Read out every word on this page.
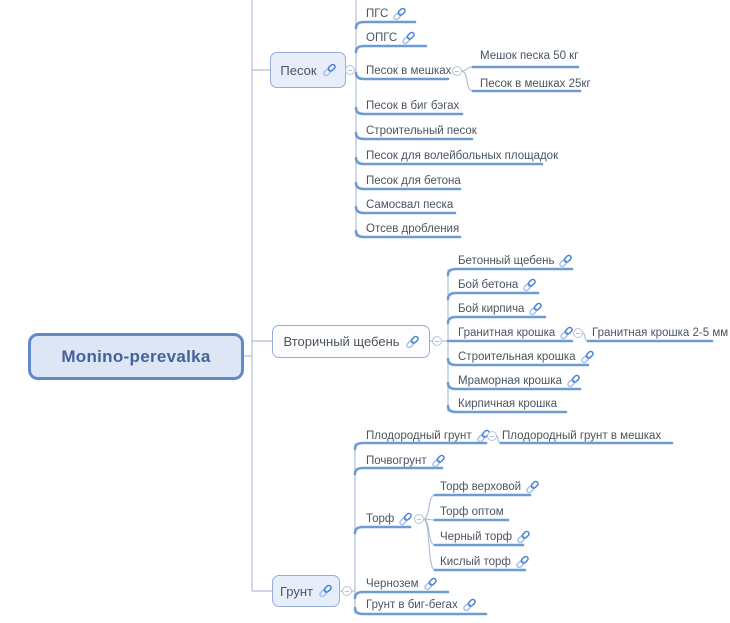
Monino-perevalka
Песок
Вторичный щебень
Грунт
ПГС
ОПГС
Песок в мешках
Мешок песка 50 кг
Песок в мешках 25кг
Песок в биг бэгах
Строительный песок
Песок для волейбольных площадок
Песок для бетона
Самосвал песка
Отсев дробления
Бетонный щебень
Бой бетона
Бой кирпича
Гранитная крошка	Гранитная крошка 2-5 мм
Строительная крошка
Мраморная крошка
Кирпичная крошка
Плодородный грунт	Плодородный грунт в мешках
Почвогрунт
Торф
Торф верховой
Торф оптом
Черный торф
Кислый торф
Чернозем
Грунт в биг-бегах
